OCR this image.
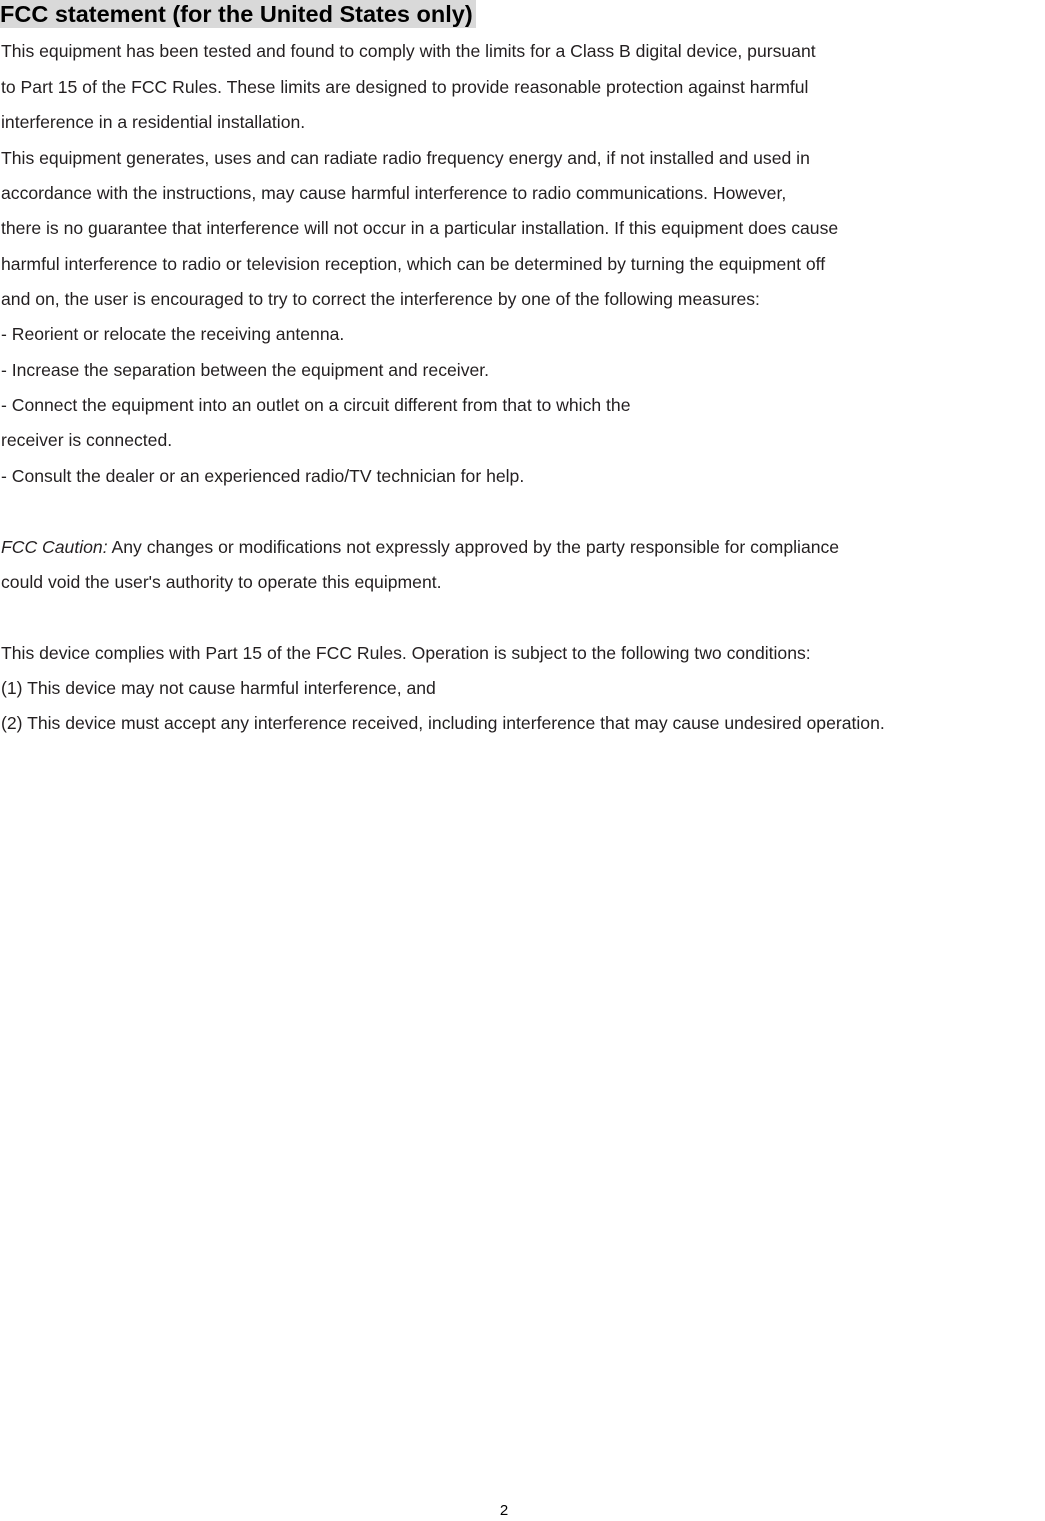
FCC statement (for the United States only)
This equipment has been tested and found to comply with the limits for a Class B digital device, pursuant
to Part 15 of the FCC Rules. These limits are designed to provide reasonable protection against harmful
interference in a residential installation.
This equipment generates, uses and can radiate radio frequency energy and, if not installed and used in
accordance with the instructions, may cause harmful interference to radio communications. However,
there is no guarantee that interference will not occur in a particular installation. If this equipment does cause
harmful interference to radio or television reception, which can be determined by turning the equipment off
and on, the user is encouraged to try to correct the interference by one of the following measures:
- Reorient or relocate the receiving antenna.
- Increase the separation between the equipment and receiver.
- Connect the equipment into an outlet on a circuit different from that to which the
receiver is connected.
- Consult the dealer or an experienced radio/TV technician for help.
FCC Caution: Any changes or modifications not expressly approved by the party responsible for compliance
could void the user's authority to operate this equipment.
This device complies with Part 15 of the FCC Rules. Operation is subject to the following two conditions:
(1) This device may not cause harmful interference, and
(2) This device must accept any interference received, including interference that may cause undesired operation.
2
